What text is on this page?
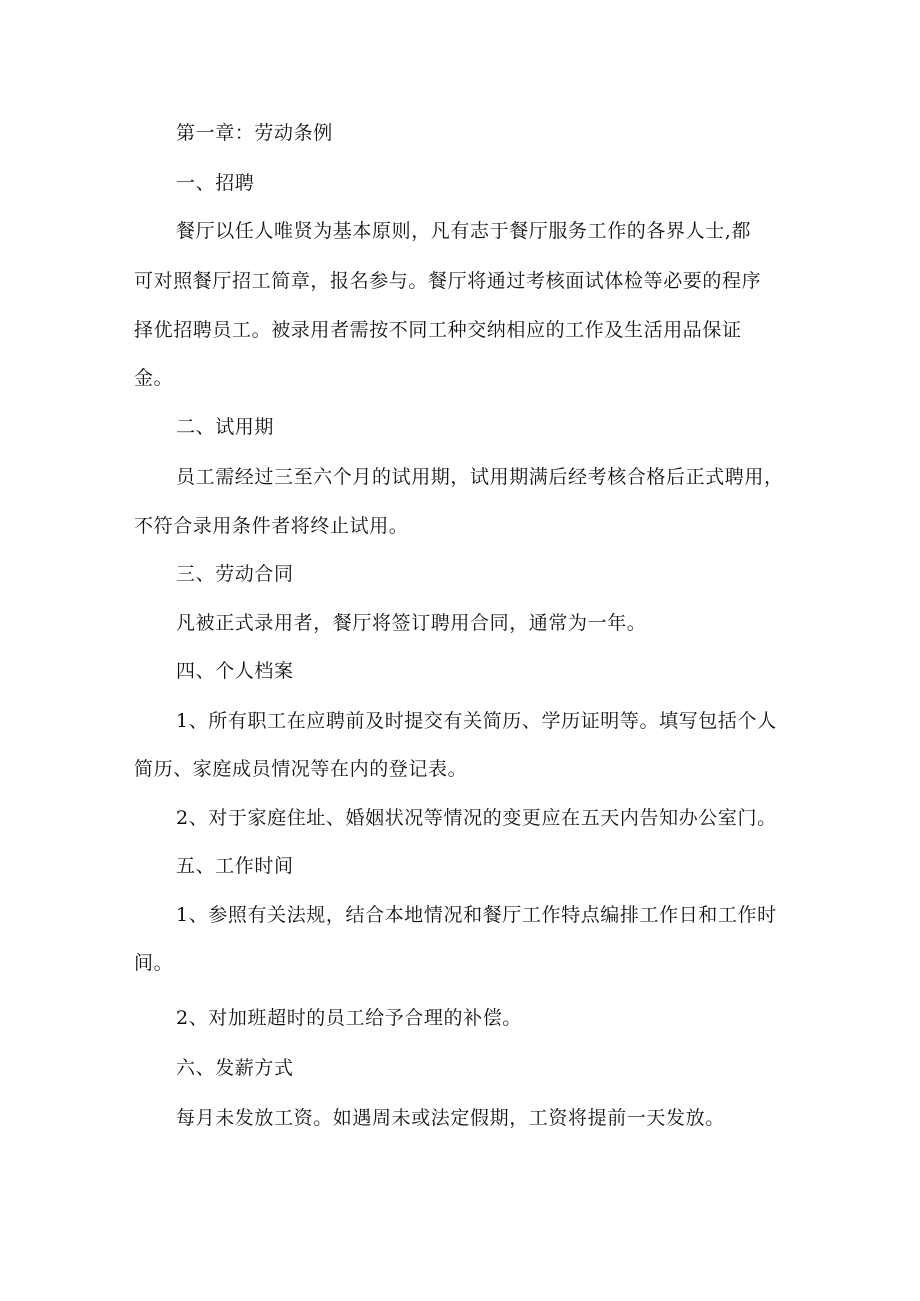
第一章：劳动条例
一、招聘
餐厅以任人唯贤为基本原则，凡有志于餐厅服务工作的各界人士,都
可对照餐厅招工简章，报名参与。餐厅将通过考核面试体检等必要的程序
择优招聘员工。被录用者需按不同工种交纳相应的工作及生活用品保证
金。
二、试用期
员工需经过三至六个月的试用期，试用期满后经考核合格后正式聘用，
不符合录用条件者将终止试用。
三、劳动合同
凡被正式录用者，餐厅将签订聘用合同，通常为一年。
四、个人档案
1、所有职工在应聘前及时提交有关简历、学历证明等。填写包括个人
简历、家庭成员情况等在内的登记表。
2、对于家庭住址、婚姻状况等情况的变更应在五天内告知办公室门。
五、工作时间
1、参照有关法规，结合本地情况和餐厅工作特点编排工作日和工作时
间。
2、对加班超时的员工给予合理的补偿。
六、发薪方式
每月未发放工资。如遇周未或法定假期，工资将提前一天发放。
